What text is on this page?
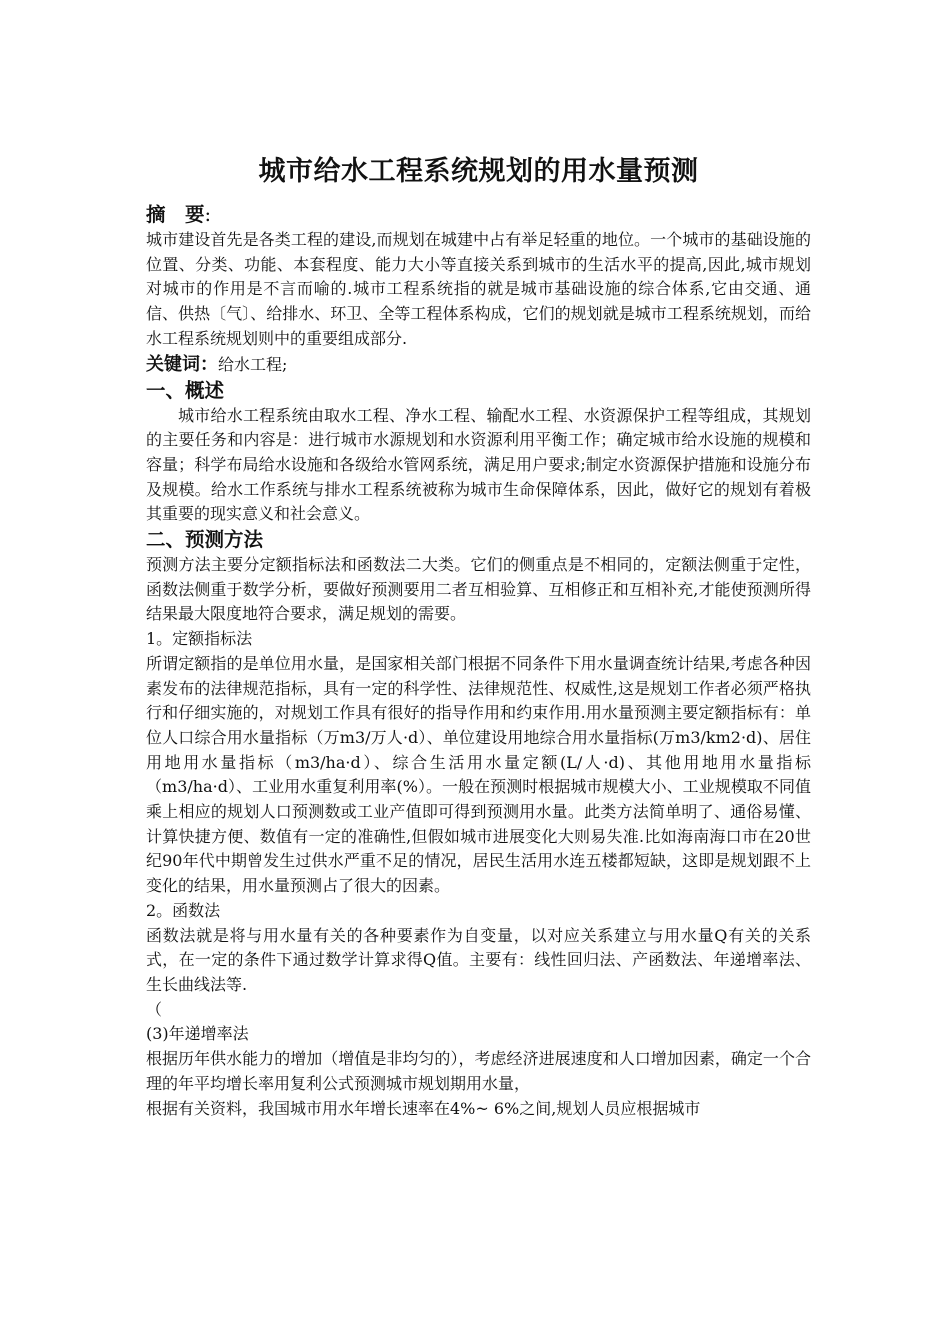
城市给水工程系统规划的用水量预测
摘　要:

城市建设首先是各类工程的建设,而规划在城建中占有举足轻重的地位。一个城市的基础设施的位置、分类、功能、本套程度、能力大小等直接关系到城市的生活水平的提高,因此,城市规划对城市的作用是不言而喻的.城市工程系统指的就是城市基础设施的综合体系,它由交通、通信、供热〔气〕、给排水、环卫、全等工程体系构成，它们的规划就是城市工程系统规划，而给水工程系统规划则中的重要组成部分.

关键词：给水工程;

一、概述

城市给水工程系统由取水工程、净水工程、输配水工程、水资源保护工程等组成，其规划的主要任务和内容是：进行城市水源规划和水资源利用平衡工作；确定城市给水设施的规模和容量；科学布局给水设施和各级给水管网系统，满足用户要求;制定水资源保护措施和设施分布及规模。给水工作系统与排水工程系统被称为城市生命保障体系，因此，做好它的规划有着极其重要的现实意义和社会意义。

二、预测方法

预测方法主要分定额指标法和函数法二大类。它们的侧重点是不相同的，定额法侧重于定性，函数法侧重于数学分析，要做好预测要用二者互相验算、互相修正和互相补充,才能使预测所得结果最大限度地符合要求，满足规划的需要。

1。定额指标法

所谓定额指的是单位用水量，是国家相关部门根据不同条件下用水量调查统计结果,考虑各种因素发布的法律规范指标，具有一定的科学性、法律规范性、权威性,这是规划工作者必须严格执行和仔细实施的，对规划工作具有很好的指导作用和约束作用.用水量预测主要定额指标有：单位人口综合用水量指标（万m3/万人·d）、单位建设用地综合用水量指标(万m3/km2·d)、居住用地用水量指标（m3/ha·d）、综合生活用水量定额(L/人·d)、其他用地用水量指标（m3/ha·d）、工业用水重复利用率(%）。一般在预测时根据城市规模大小、工业规模取不同值乘上相应的规划人口预测数或工业产值即可得到预测用水量。此类方法简单明了、通俗易懂、计算快捷方便、数值有一定的准确性,但假如城市进展变化大则易失准.比如海南海口市在20世纪90年代中期曾发生过供水严重不足的情况，居民生活用水连五楼都短缺，这即是规划跟不上变化的结果，用水量预测占了很大的因素。

2。函数法

函数法就是将与用水量有关的各种要素作为自变量，以对应关系建立与用水量Q有关的关系式，在一定的条件下通过数学计算求得Q值。主要有：线性回归法、产函数法、年递增率法、生长曲线法等.

（

(3)年递增率法

根据历年供水能力的增加（增值是非均匀的），考虑经济进展速度和人口增加因素，确定一个合理的年平均增长率用复利公式预测城市规划期用水量，

根据有关资料，我国城市用水年增长速率在4%~ 6%之间,规划人员应根据城市
